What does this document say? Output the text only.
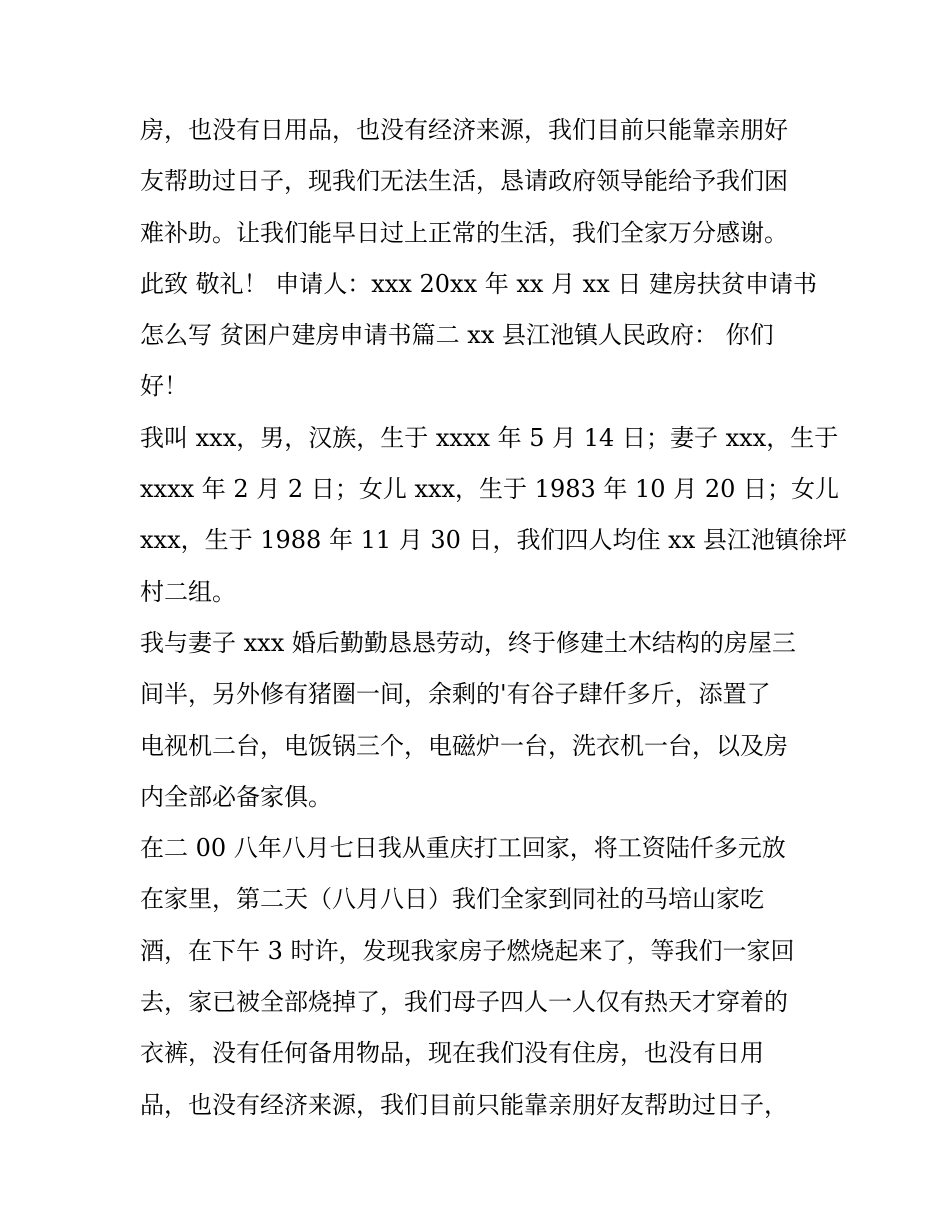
房，也没有日用品，也没有经济来源，我们目前只能靠亲朋好
友帮助过日子，现我们无法生活，恳请政府领导能给予我们困
难补助。让我们能早日过上正常的生活，我们全家万分感谢。
此致 敬礼！ 申请人：xxx 20xx 年 xx 月 xx 日 建房扶贫申请书
怎么写 贫困户建房申请书篇二 xx 县江池镇人民政府： 你们
好！
我叫 xxx，男，汉族，生于 xxxx 年 5 月 14 日；妻子 xxx，生于
xxxx 年 2 月 2 日；女儿 xxx，生于 1983 年 10 月 20 日；女儿
xxx，生于 1988 年 11 月 30 日，我们四人均住 xx 县江池镇徐坪
村二组。
我与妻子 xxx 婚后勤勤恳恳劳动，终于修建土木结构的房屋三
间半，另外修有猪圈一间，余剩的'有谷子肆仟多斤，添置了
电视机二台，电饭锅三个，电磁炉一台，洗衣机一台，以及房
内全部必备家俱。
在二 00 八年八月七日我从重庆打工回家，将工资陆仟多元放
在家里，第二天（八月八日）我们全家到同社的马培山家吃
酒，在下午 3 时许，发现我家房子燃烧起来了，等我们一家回
去，家已被全部烧掉了，我们母子四人一人仅有热天才穿着的
衣裤，没有任何备用物品，现在我们没有住房，也没有日用
品，也没有经济来源，我们目前只能靠亲朋好友帮助过日子，
